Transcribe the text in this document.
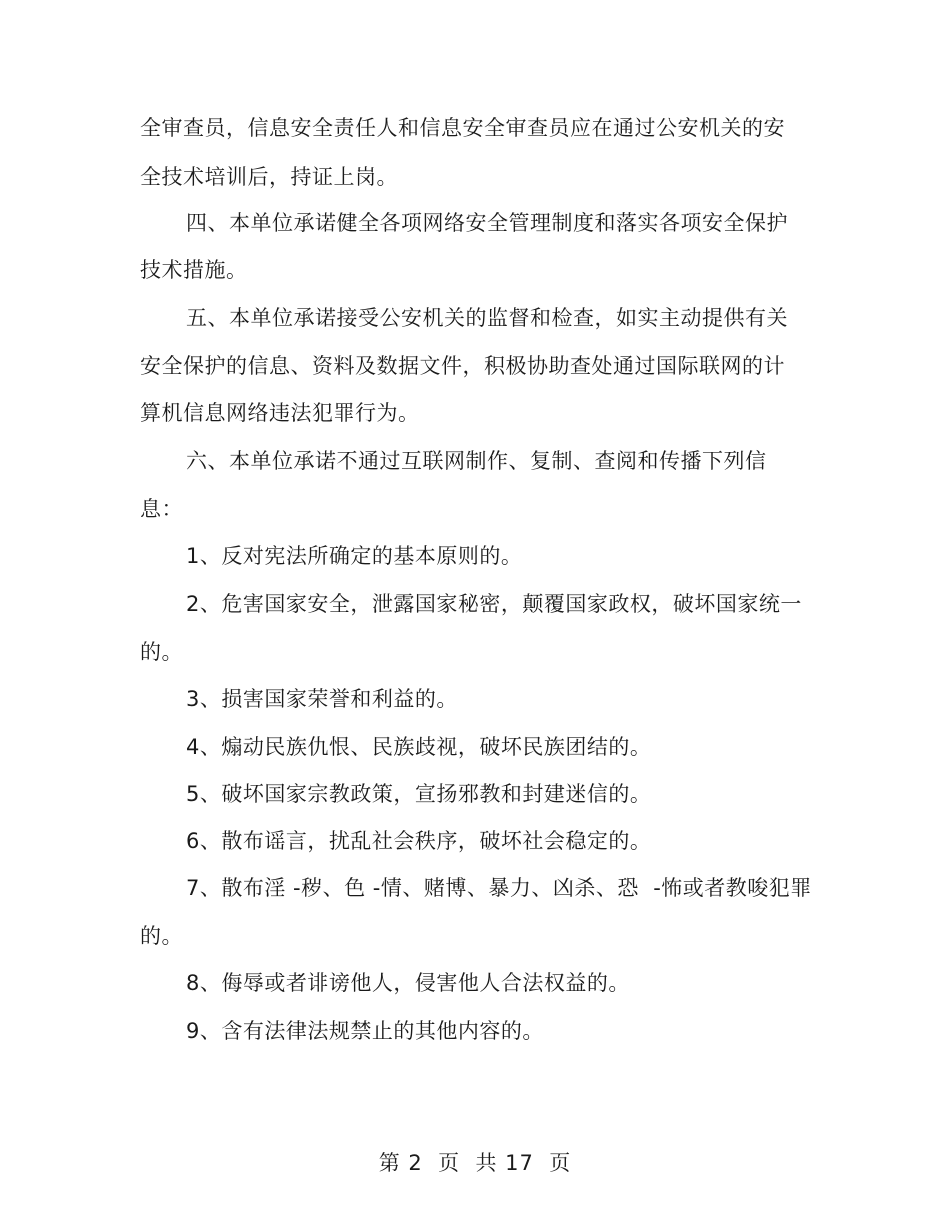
全审查员，信息安全责任人和信息安全审查员应在通过公安机关的安
全技术培训后，持证上岗。
四、本单位承诺健全各项网络安全管理制度和落实各项安全保护
技术措施。
五、本单位承诺接受公安机关的监督和检查，如实主动提供有关
安全保护的信息、资料及数据文件，积极协助查处通过国际联网的计
算机信息网络违法犯罪行为。
六、本单位承诺不通过互联网制作、复制、查阅和传播下列信
息：
1、反对宪法所确定的基本原则的。
2、危害国家安全，泄露国家秘密，颠覆国家政权，破坏国家统一
的。
3、损害国家荣誉和利益的。
4、煽动民族仇恨、民族歧视，破坏民族团结的。
5、破坏国家宗教政策，宣扬邪教和封建迷信的。
6、散布谣言，扰乱社会秩序，破坏社会稳定的。
7、散布淫 -秽、色 -情、赌博、暴力、凶杀、恐  -怖或者教唆犯罪
的。
8、侮辱或者诽谤他人，侵害他人合法权益的。
9、含有法律法规禁止的其他内容的。
第 2  页  共 17  页
